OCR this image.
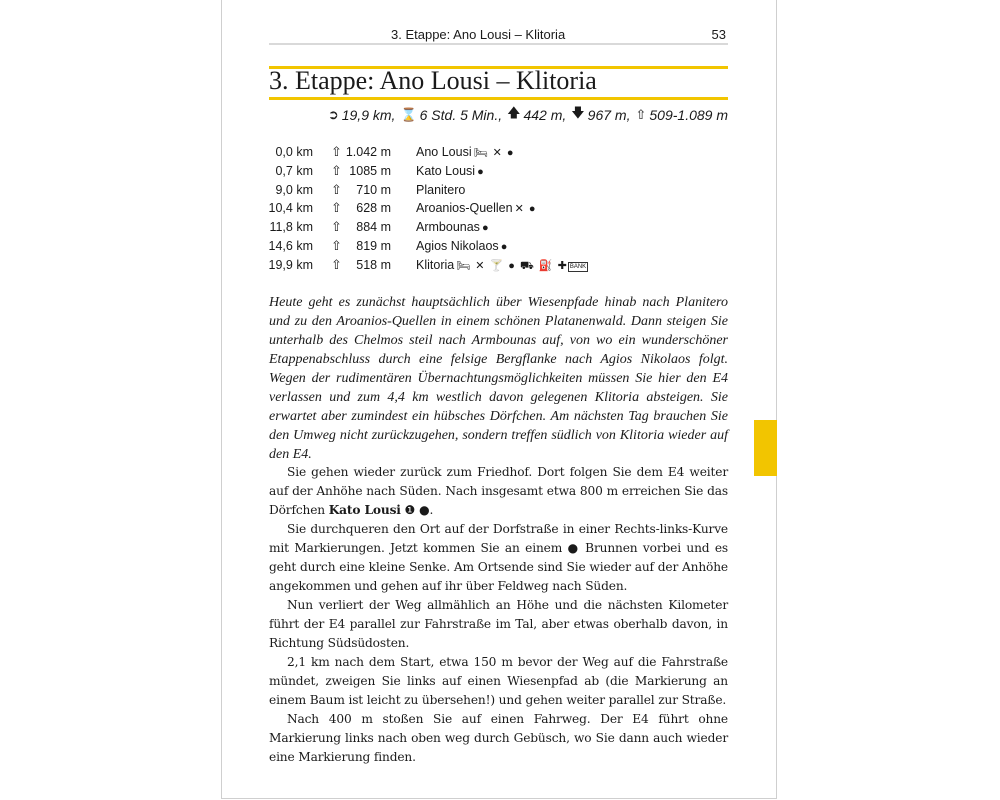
3. Etappe: Ano Lousi – Klitoria	53
3. Etappe: Ano Lousi – Klitoria
➲ 19,9 km, ⌛ 6 Std. 5 Min., 🡅 442 m, 🡇 967 m, ⇧ 509-1.089 m
0,0 km ⇧ 1.042 m Ano Lousi 🛏 ✕ ●
0,7 km ⇧ 1085 m Kato Lousi ●
9,0 km ⇧ 710 m Planitero
10,4 km ⇧ 628 m Aroanios-Quellen ✕ ●
11,8 km ⇧ 884 m Armbounas ●
14,6 km ⇧ 819 m Agios Nikolaos ●
19,9 km ⇧ 518 m Klitoria 🛏 ✕ 🍸 ● ⛟ ⛽ ✚ BANK
Heute geht es zunächst hauptsächlich über Wiesenpfade hinab nach Planitero und zu den Aroanios-Quellen in einem schönen Platanenwald. Dann steigen Sie unterhalb des Chelmos steil nach Armbounas auf, von wo ein wunderschöner Etappenabschluss durch eine felsige Bergflanke nach Agios Nikolaos folgt. Wegen der rudimentären Übernachtungsmöglichkeiten müssen Sie hier den E4 verlassen und zum 4,4 km westlich davon gelegenen Klitoria absteigen. Sie erwartet aber zumindest ein hübsches Dörfchen. Am nächsten Tag brauchen Sie den Umweg nicht zurückzugehen, sondern treffen südlich von Klitoria wieder auf den E4.

Sie gehen wieder zurück zum Friedhof. Dort folgen Sie dem E4 weiter auf der Anhöhe nach Süden. Nach insgesamt etwa 800 m erreichen Sie das Dörfchen Kato Lousi ❶ ●.

Sie durchqueren den Ort auf der Dorfstraße in einer Rechts-links-Kurve mit Markierungen. Jetzt kommen Sie an einem ● Brunnen vorbei und es geht durch eine kleine Senke. Am Ortsende sind Sie wieder auf der Anhöhe angekommen und gehen auf ihr über Feldweg nach Süden.

Nun verliert der Weg allmählich an Höhe und die nächsten Kilometer führt der E4 parallel zur Fahrstraße im Tal, aber etwas oberhalb davon, in Richtung Südsüdosten.

2,1 km nach dem Start, etwa 150 m bevor der Weg auf die Fahrstraße mündet, zweigen Sie links auf einen Wiesenpfad ab (die Markierung an einem Baum ist leicht zu übersehen!) und gehen weiter parallel zur Straße.

Nach 400 m stoßen Sie auf einen Fahrweg. Der E4 führt ohne Markierung links nach oben weg durch Gebüsch, wo Sie dann auch wieder eine Markierung finden.
